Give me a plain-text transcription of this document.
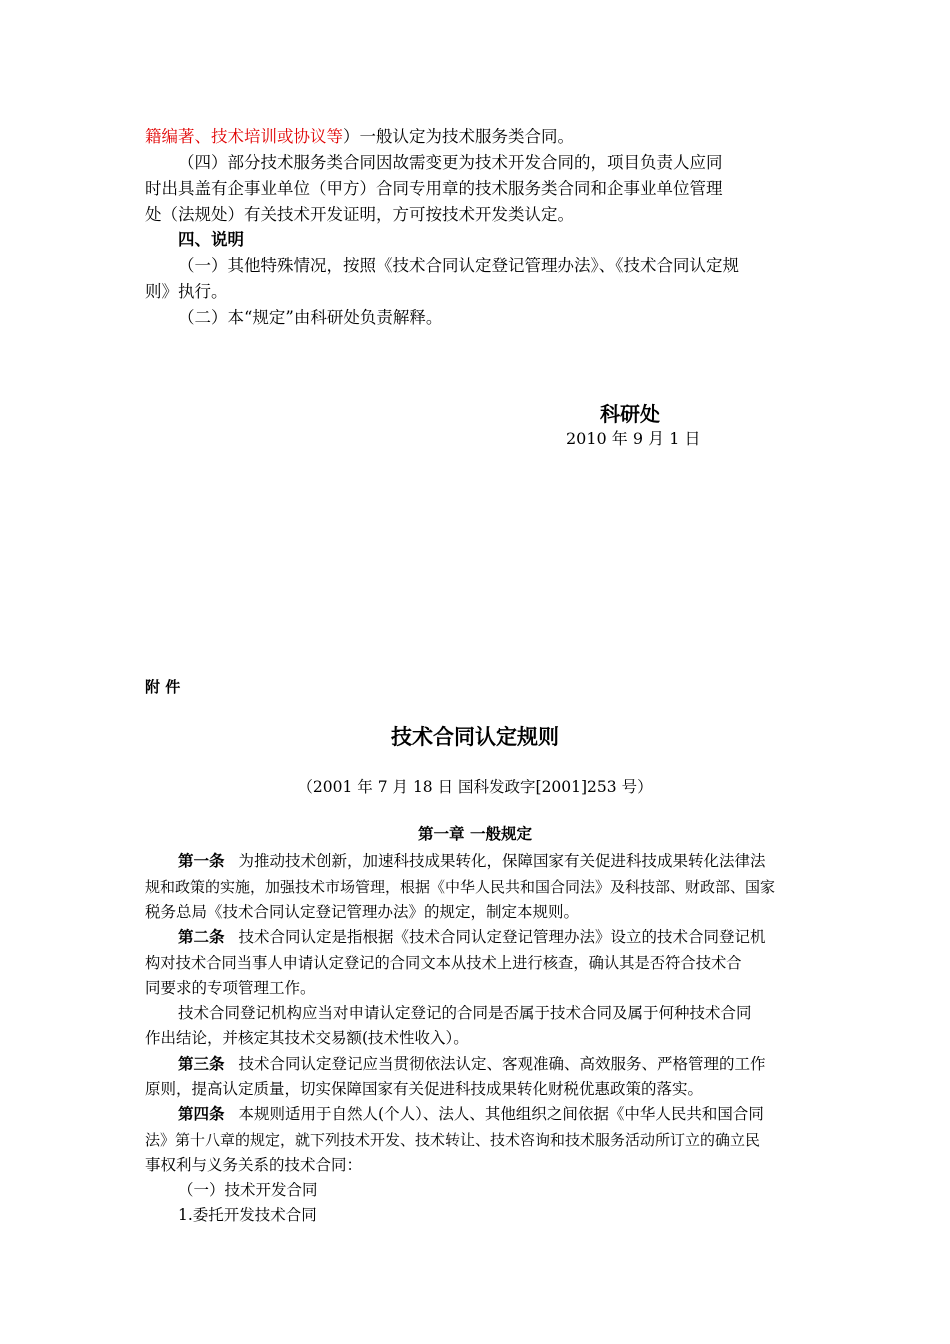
籍编著、技术培训或协议等）一般认定为技术服务类合同。
（四）部分技术服务类合同因故需变更为技术开发合同的，项目负责人应同
时出具盖有企事业单位（甲方）合同专用章的技术服务类合同和企事业单位管理
处（法规处）有关技术开发证明，方可按技术开发类认定。
四、说明
（一）其他特殊情况，按照《技术合同认定登记管理办法》、《技术合同认定规
则》执行。
（二）本“规定”由科研处负责解释。
科研处
2010 年 9 月 1 日
附 件
技术合同认定规则
（2001 年 7 月 18 日 国科发政字[2001]253 号）
第一章 一般规定
第一条 为推动技术创新，加速科技成果转化，保障国家有关促进科技成果转化法律法
规和政策的实施，加强技术市场管理，根据《中华人民共和国合同法》及科技部、财政部、国家
税务总局《技术合同认定登记管理办法》的规定，制定本规则。
第二条 技术合同认定是指根据《技术合同认定登记管理办法》设立的技术合同登记机
构对技术合同当事人申请认定登记的合同文本从技术上进行核查，确认其是否符合技术合
同要求的专项管理工作。
技术合同登记机构应当对申请认定登记的合同是否属于技术合同及属于何种技术合同
作出结论，并核定其技术交易额(技术性收入）。
第三条 技术合同认定登记应当贯彻依法认定、客观准确、高效服务、严格管理的工作
原则，提高认定质量，切实保障国家有关促进科技成果转化财税优惠政策的落实。
第四条 本规则适用于自然人(个人）、法人、其他组织之间依据《中华人民共和国合同
法》第十八章的规定，就下列技术开发、技术转让、技术咨询和技术服务活动所订立的确立民
事权利与义务关系的技术合同：
（一）技术开发合同
1.委托开发技术合同
